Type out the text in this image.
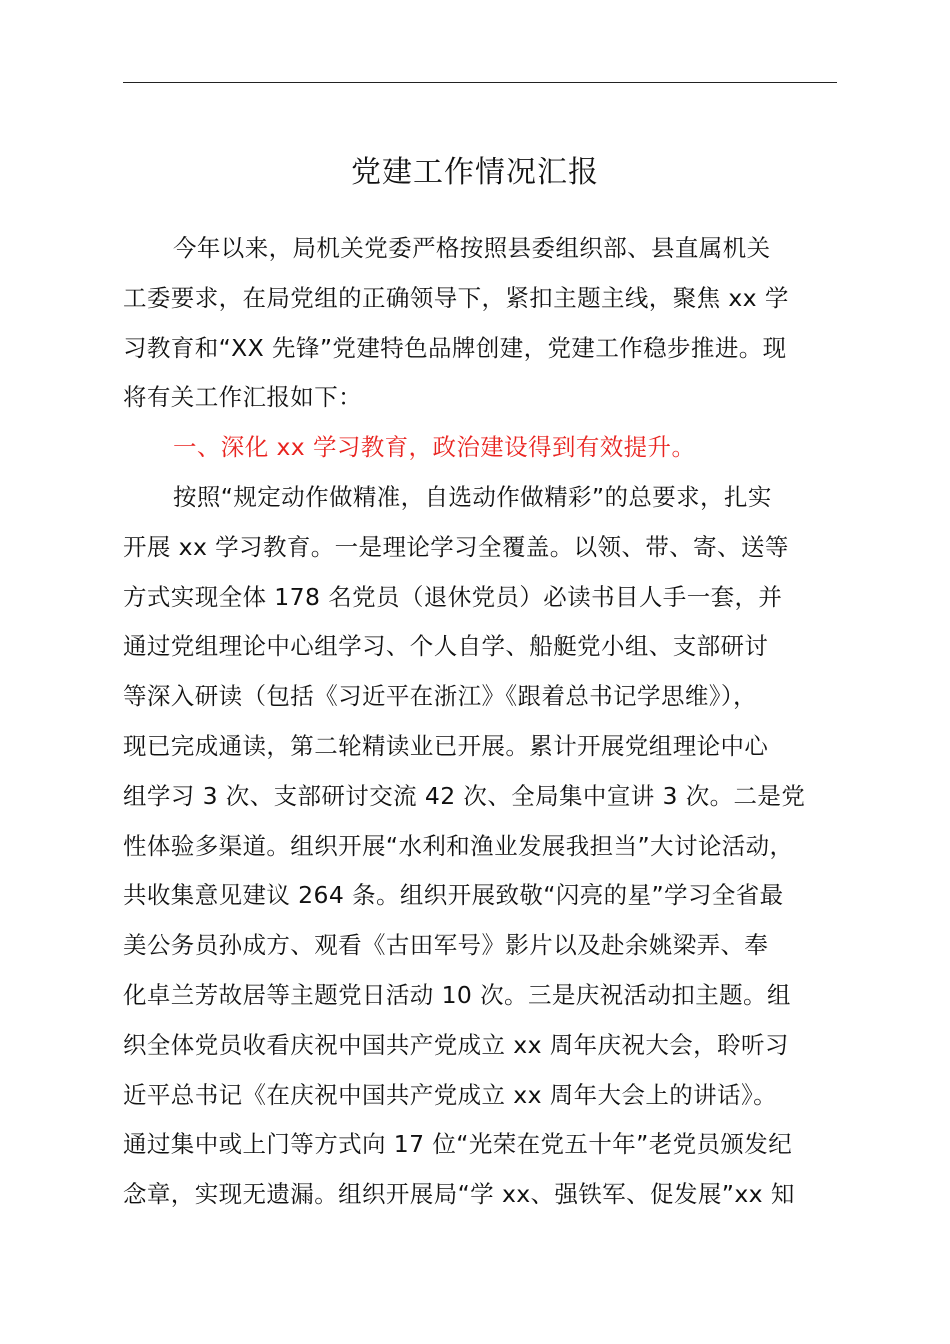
党建工作情况汇报
今年以来，局机关党委严格按照县委组织部、县直属机关
工委要求，在局党组的正确领导下，紧扣主题主线，聚焦 xx 学
习教育和“XX 先锋”党建特色品牌创建，党建工作稳步推进。现
将有关工作汇报如下：
一、深化 xx 学习教育，政治建设得到有效提升。
按照“规定动作做精准，自选动作做精彩”的总要求，扎实
开展 xx 学习教育。一是理论学习全覆盖。以领、带、寄、送等
方式实现全体 178 名党员（退休党员）必读书目人手一套，并
通过党组理论中心组学习、个人自学、船艇党小组、支部研讨
等深入研读（包括《习近平在浙江》《跟着总书记学思维》），
现已完成通读，第二轮精读业已开展。累计开展党组理论中心
组学习 3 次、支部研讨交流 42 次、全局集中宣讲 3 次。二是党
性体验多渠道。组织开展“水利和渔业发展我担当”大讨论活动，
共收集意见建议 264 条。组织开展致敬“闪亮的星”学习全省最
美公务员孙成方、观看《古田军号》影片以及赴余姚梁弄、奉
化卓兰芳故居等主题党日活动 10 次。三是庆祝活动扣主题。组
织全体党员收看庆祝中国共产党成立 xx 周年庆祝大会，聆听习
近平总书记《在庆祝中国共产党成立 xx 周年大会上的讲话》。
通过集中或上门等方式向 17 位“光荣在党五十年”老党员颁发纪
念章，实现无遗漏。组织开展局“学 xx、强铁军、促发展”xx 知
